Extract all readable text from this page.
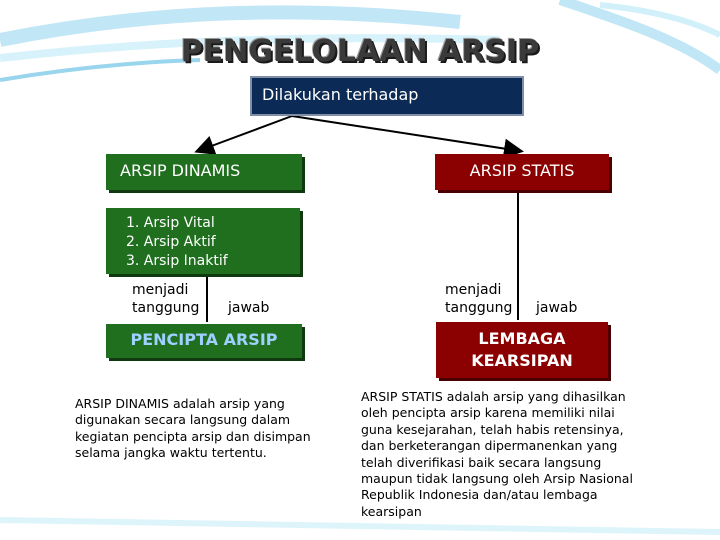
PENGELOLAAN ARSIP
Dilakukan terhadap
ARSIP DINAMIS	ARSIP STATIS
1. Arsip Vital
2. Arsip Aktif
3. Arsip Inaktif
menjadi
tanggung jawab
menjadi
tanggung jawab
PENCIPTA ARSIP	LEMBAGA
KEARSIPAN
ARSIP DINAMIS adalah arsip yang digunakan secara langsung dalam kegiatan pencipta arsip dan disimpan selama jangka waktu tertentu.
ARSIP STATIS adalah arsip yang dihasilkan oleh pencipta arsip karena memiliki nilai guna kesejarahan, telah habis retensinya, dan berketerangan dipermanenkan yang telah diverifikasi baik secara langsung maupun tidak langsung oleh Arsip Nasional Republik Indonesia dan/atau lembaga kearsipan
